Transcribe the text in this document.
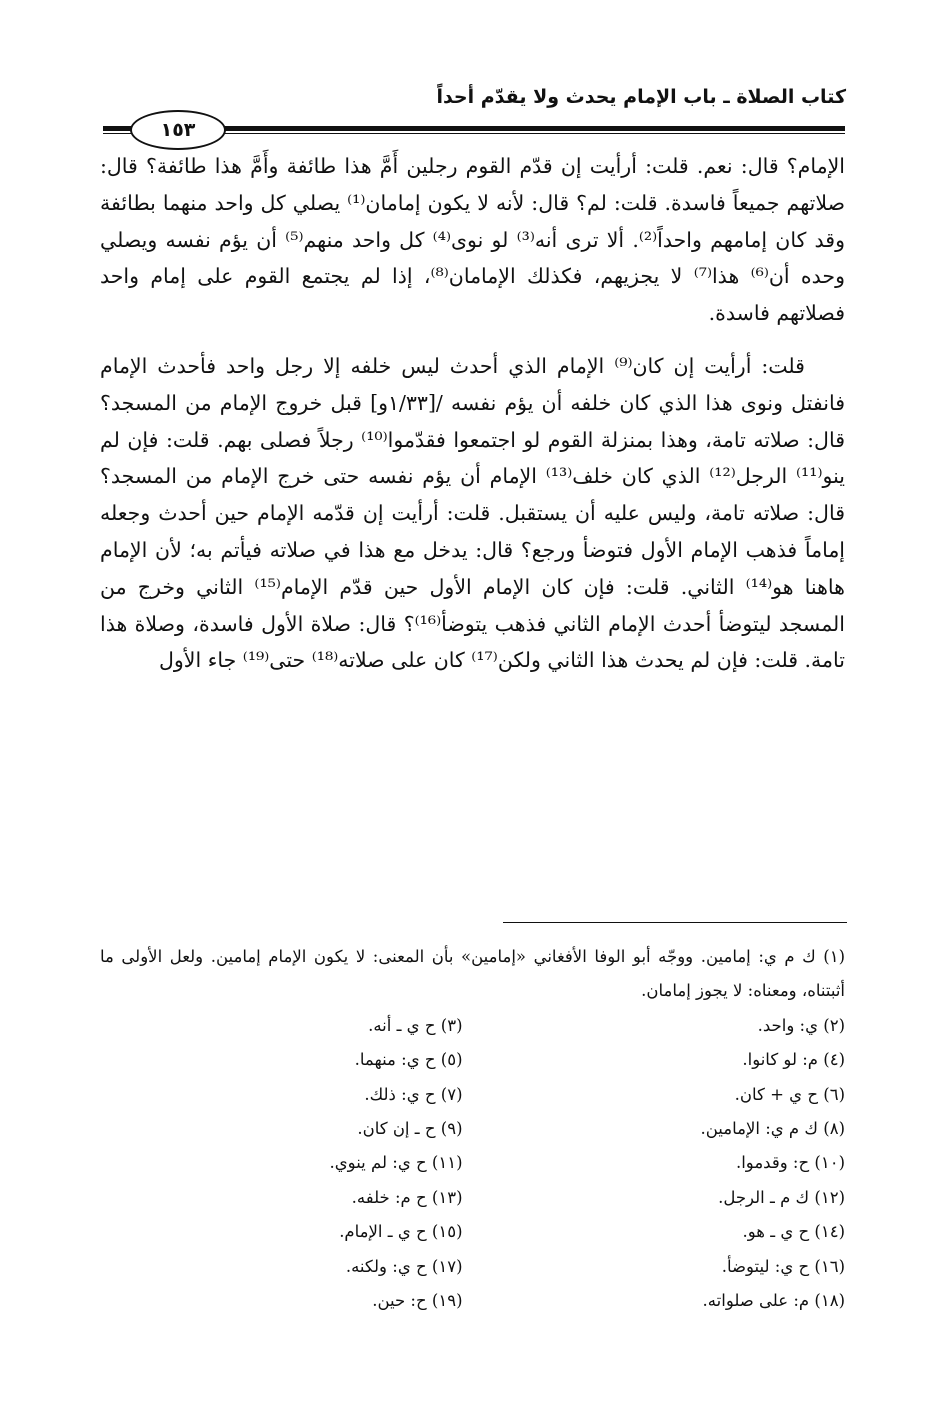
كتاب الصلاة ـ باب الإمام يحدث ولا يقدّم أحداً
١٥٣

الإمام؟ قال: نعم. قلت: أرأيت إن قدّم القوم رجلين أَمَّ هذا طائفة وأَمَّ هذا طائفة؟ قال: صلاتهم جميعاً فاسدة. قلت: لم؟ قال: لأنه لا يكون إمامان⁽¹⁾ يصلي كل واحد منهما بطائفة وقد كان إمامهم واحداً⁽²⁾. ألا ترى أنه⁽³⁾ لو نوى⁽⁴⁾ كل واحد منهم⁽⁵⁾ أن يؤم نفسه ويصلي وحده أن⁽⁶⁾ هذا⁽⁷⁾ لا يجزيهم، فكذلك الإمامان⁽⁸⁾، إذا لم يجتمع القوم على إمام واحد فصلاتهم فاسدة.

قلت: أرأيت إن كان⁽⁹⁾ الإمام الذي أحدث ليس خلفه إلا رجل واحد فأحدث الإمام فانفتل ونوى هذا الذي كان خلفه أن يؤم نفسه /[١/٣٣و] قبل خروج الإمام من المسجد؟ قال: صلاته تامة، وهذا بمنزلة القوم لو اجتمعوا فقدّموا⁽¹⁰⁾ رجلاً فصلى بهم. قلت: فإن لم ينو⁽¹¹⁾ الرجل⁽¹²⁾ الذي كان خلف⁽¹³⁾ الإمام أن يؤم نفسه حتى خرج الإمام من المسجد؟ قال: صلاته تامة، وليس عليه أن يستقبل. قلت: أرأيت إن قدّمه الإمام حين أحدث وجعله إماماً فذهب الإمام الأول فتوضأ ورجع؟ قال: يدخل مع هذا في صلاته فيأتم به؛ لأن الإمام هاهنا هو⁽¹⁴⁾ الثاني. قلت: فإن كان الإمام الأول حين قدّم الإمام⁽¹⁵⁾ الثاني وخرج من المسجد ليتوضأ أحدث الإمام الثاني فذهب يتوضأ⁽¹⁶⁾؟ قال: صلاة الأول فاسدة، وصلاة هذا تامة. قلت: فإن لم يحدث هذا الثاني ولكن⁽¹⁷⁾ كان على صلاته⁽¹⁸⁾ حتى⁽¹⁹⁾ جاء الأول

(١) ك م ي: إمامين. ووجّه أبو الوفا الأفغاني «إمامين» بأن المعنى: لا يكون الإمام إمامين. ولعل الأولى ما أثبتناه، ومعناه: لا يجوز إمامان.
(٢) ي: واحد.
(٣) ح ي ـ أنه.
(٤) م: لو كانوا.
(٥) ح ي: منهما.
(٦) ح ي + كان.
(٧) ح ي: ذلك.
(٨) ك م ي: الإمامين.
(٩) ح ـ إن كان.
(١٠) ح: وقدموا.
(١١) ح ي: لم ينوي.
(١٢) ك م ـ الرجل.
(١٣) ح م: خلفه.
(١٤) ح ي ـ هو.
(١٥) ح ي ـ الإمام.
(١٦) ح ي: ليتوضأ.
(١٧) ح ي: ولكنه.
(١٨) م: على صلواته.
(١٩) ح: حين.
